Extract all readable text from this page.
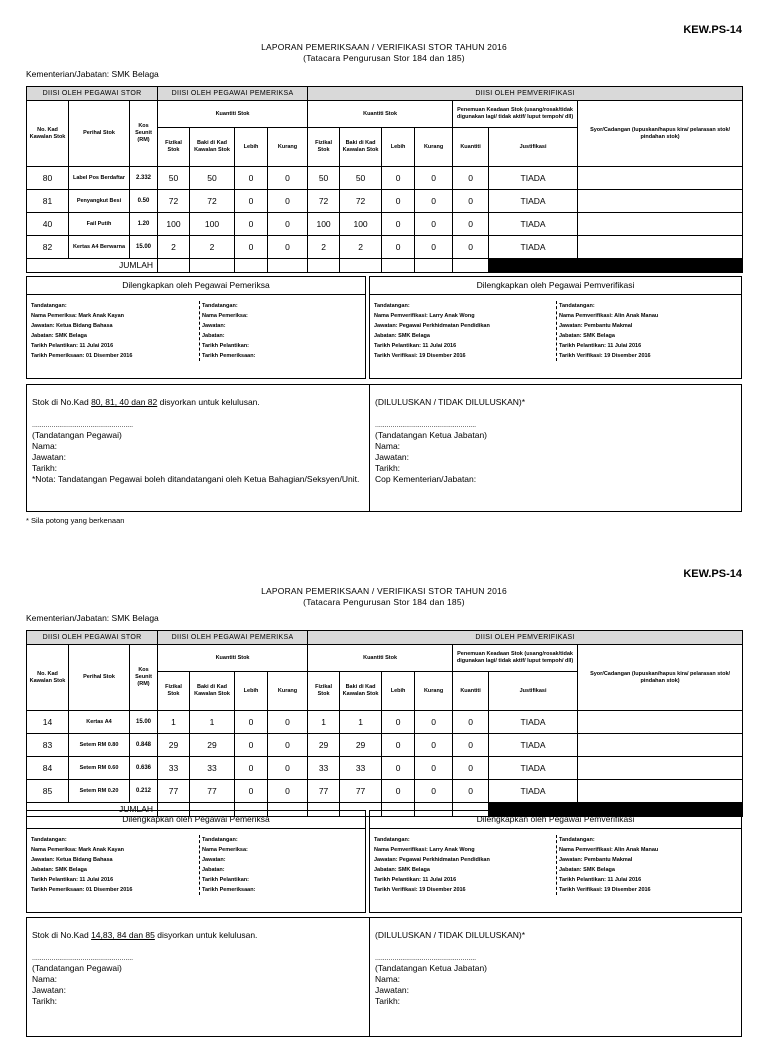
KEW.PS-14
LAPORAN PEMERIKSAAN / VERIFIKASI STOR TAHUN 2016
(Tatacara Pengurusan Stor 184 dan 185)
Kementerian/Jabatan: SMK Belaga
DIISI OLEH PEGAWAI STOR			DIISI OLEH PEGAWAI PEMERIKSA				DIISI OLEH PEMVERIFIKASI						
No. Kad Kawalan Stok	Perihal Stok	Kos Seunit (RM)	Kuantiti Stok				Kuantiti Stok				Penemuan Keadaan Stok (usang/rosak/tidak digunakan lagi/ tidak aktif/ luput tempoh/ dll)		Syor/Cadangan (lupuskan/hapus kira/ pelarasan stok/ pindahan stok)
			Fizikal Stok	Baki di Kad Kawalan Stok	Lebih	Kurang	Fizikal Stok	Baki di Kad Kawalan Stok	Lebih	Kurang	Kuantiti	Justifikasi	
80	Label Pos Berdaftar	2.332	50	50	0	0	50	50	0	0	0	TIADA	
81	Penyangkut Besi	0.50	72	72	0	0	72	72	0	0	0	TIADA	
40	Fail Putih	1.20	100	100	0	0	100	100	0	0	0	TIADA	
82	Kertas A4 Berwarna	15.00	2	2	0	0	2	2	0	0	0	TIADA	
JUMLAH													
Dilengkapkan oleh Pegawai Pemeriksa
Tandatangan:
Nama Pemeriksa: Mark Anak Kayan
Jawatan: Ketua Bidang Bahasa
Jabatan: SMK Belaga
Tarikh Pelantikan: 11 Julai 2016
Tarikh Pemeriksaan: 01 Disember 2016
Tandatangan:
Nama Pemeriksa:
Jawatan:
Jabatan:
Tarikh Pelantikan:
Tarikh Pemeriksaan:
Dilengkapkan oleh Pegawai Pemverifikasi
Tandatangan:
Nama Pemverifikasi: Larry Anak Wong
Jawatan: Pegawai Perkhidmatan Pendidikan
Jabatan: SMK Belaga
Tarikh Pelantikan: 11 Julai 2016
Tarikh Verifikasi: 19 Disember 2016
Tandatangan:
Nama Pemverifikasi: Alin Anak Manau
Jawatan: Pembantu Makmal
Jabatan: SMK Belaga
Tarikh Pelantikan: 11 Julai 2016
Tarikh Verifikasi: 19 Disember 2016
Stok di No.Kad 80, 81, 40 dan 82 disyorkan untuk kelulusan.
....................................................
(Tandatangan Pegawai)
Nama:
Jawatan:
Tarikh:
*Nota: Tandatangan Pegawai boleh ditandatangani oleh Ketua Bahagian/Seksyen/Unit.
(DILULUSKAN / TIDAK DILULUSKAN)*
....................................................
(Tandatangan Ketua Jabatan)
Nama:
Jawatan:
Tarikh:
Cop Kementerian/Jabatan:
* Sila potong yang berkenaan
KEW.PS-14
LAPORAN PEMERIKSAAN / VERIFIKASI STOR TAHUN 2016
(Tatacara Pengurusan Stor 184 dan 185)
Kementerian/Jabatan: SMK Belaga
DIISI OLEH PEGAWAI STOR			DIISI OLEH PEGAWAI PEMERIKSA				DIISI OLEH PEMVERIFIKASI						
No. Kad Kawalan Stok	Perihal Stok	Kos Seunit (RM)	Kuantiti Stok				Kuantiti Stok				Penemuan Keadaan Stok (usang/rosak/tidak digunakan lagi/ tidak aktif/ luput tempoh/ dll)		Syor/Cadangan (lupuskan/hapus kira/ pelarasan stok/ pindahan stok)
			Fizikal Stok	Baki di Kad Kawalan Stok	Lebih	Kurang	Fizikal Stok	Baki di Kad Kawalan Stok	Lebih	Kurang	Kuantiti	Justifikasi	
14	Kertas A4	15.00	1	1	0	0	1	1	0	0	0	TIADA	
83	Setem RM 0.80	0.848	29	29	0	0	29	29	0	0	0	TIADA	
84	Setem RM 0.60	0.636	33	33	0	0	33	33	0	0	0	TIADA	
85	Setem RM 0.20	0.212	77	77	0	0	77	77	0	0	0	TIADA	
JUMLAH													
Dilengkapkan oleh Pegawai Pemeriksa
Tandatangan:
Nama Pemeriksa: Mark Anak Kayan
Jawatan: Ketua Bidang Bahasa
Jabatan: SMK Belaga
Tarikh Pelantikan: 11 Julai 2016
Tarikh Pemeriksaan: 01 Disember 2016
Tandatangan:
Nama Pemeriksa:
Jawatan:
Jabatan:
Tarikh Pelantikan:
Tarikh Pemeriksaan:
Dilengkapkan oleh Pegawai Pemverifikasi
Tandatangan:
Nama Pemverifikasi: Larry Anak Wong
Jawatan: Pegawai Perkhidmatan Pendidikan
Jabatan: SMK Belaga
Tarikh Pelantikan: 11 Julai 2016
Tarikh Verifikasi: 19 Disember 2016
Tandatangan:
Nama Pemverifikasi: Alin Anak Manau
Jawatan: Pembantu Makmal
Jabatan: SMK Belaga
Tarikh Pelantikan: 11 Julai 2016
Tarikh Verifikasi: 19 Disember 2016
Stok di No.Kad 14,83, 84 dan 85 disyorkan untuk kelulusan.
....................................................
(Tandatangan Pegawai)
Nama:
Jawatan:
Tarikh:
(DILULUSKAN / TIDAK DILULUSKAN)*
....................................................
(Tandatangan Ketua Jabatan)
Nama:
Jawatan:
Tarikh:
